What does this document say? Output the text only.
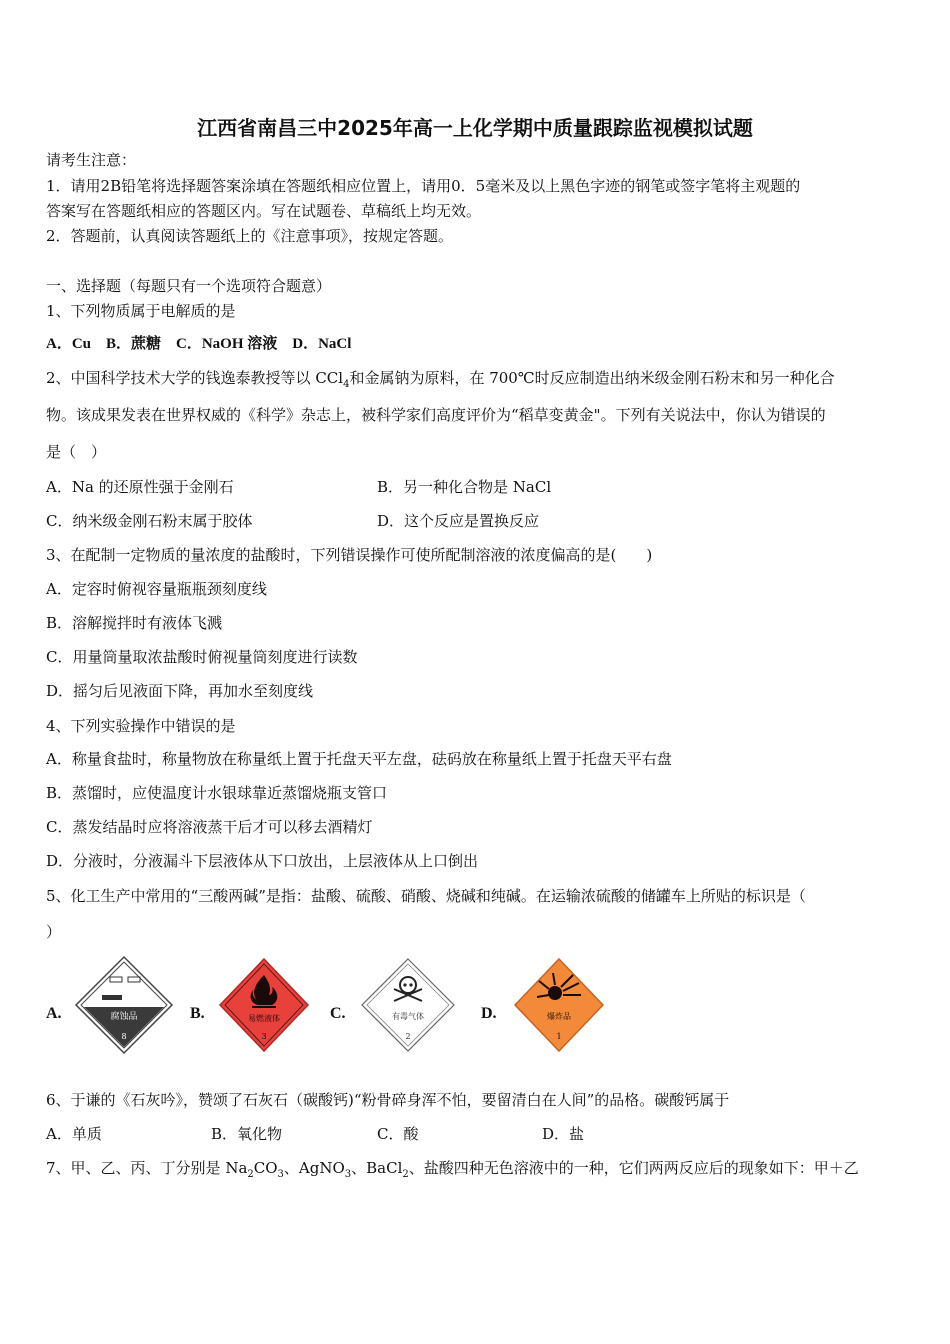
江西省南昌三中2025年高一上化学期中质量跟踪监视模拟试题
请考生注意：
1．请用2B铅笔将选择题答案涂填在答题纸相应位置上，请用0．5毫米及以上黑色字迹的钢笔或签字笔将主观题的
答案写在答题纸相应的答题区内。写在试题卷、草稿纸上均无效。
2．答题前，认真阅读答题纸上的《注意事项》，按规定答题。
一、选择题（每题只有一个选项符合题意）
1、下列物质属于电解质的是
A．Cu　B．蔗糖　C．NaOH 溶液　D．NaCl
2、中国科学技术大学的钱逸泰教授等以 CCl$_4$和金属钠为原料，在 700℃时反应制造出纳米级金刚石粉末和另一种化合
物。该成果发表在世界权威的《科学》杂志上，被科学家们高度评价为“稻草变黄金"。下列有关说法中，你认为错误的
是（　）
A．Na 的还原性强于金刚石	B．另一种化合物是 NaCl
C．纳米级金刚石粉末属于胶体	D．这个反应是置换反应
3、在配制一定物质的量浓度的盐酸时，下列错误操作可使所配制溶液的浓度偏高的是(　　)
A．定容时俯视容量瓶瓶颈刻度线
B．溶解搅拌时有液体飞溅
C．用量筒量取浓盐酸时俯视量筒刻度进行读数
D．摇匀后见液面下降，再加水至刻度线
4、下列实验操作中错误的是
A．称量食盐时，称量物放在称量纸上置于托盘天平左盘，砝码放在称量纸上置于托盘天平右盘
B．蒸馏时，应使温度计水银球靠近蒸馏烧瓶支管口
C．蒸发结晶时应将溶液蒸干后才可以移去酒精灯
D．分液时，分液漏斗下层液体从下口放出，上层液体从上口倒出
5、化工生产中常用的“三酸两碱”是指：盐酸、硫酸、硝酸、烧碱和纯碱。在运输浓硫酸的储罐车上所贴的标识是（
）
A.	腐蚀品
8
B.	易燃液体
3
C.	有毒气体
2
D.	爆炸品
1
6、于谦的《石灰吟》，赞颂了石灰石（碳酸钙)“粉骨碎身浑不怕，要留清白在人间”的品格。碳酸钙属于
A．单质	B．氧化物	C．酸	D．盐
7、甲、乙、丙、丁分别是 $Na_2CO_3$、AgNO$_3$、BaCl$_2$、盐酸四种无色溶液中的一种，它们两两反应后的现象如下：甲＋乙
